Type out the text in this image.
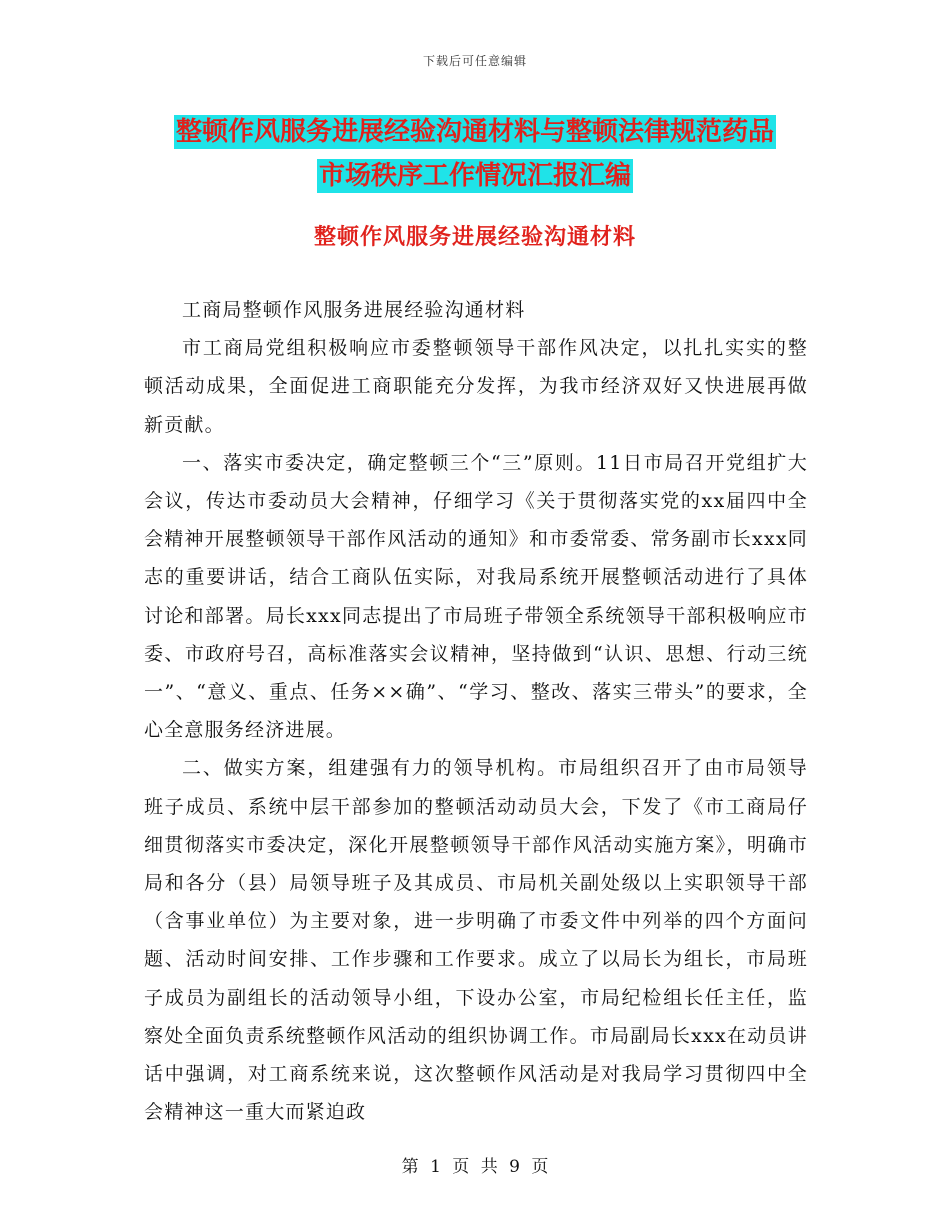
下载后可任意编辑
整顿作风服务进展经验沟通材料与整顿法律规范药品
市场秩序工作情况汇报汇编
整顿作风服务进展经验沟通材料

工商局整顿作风服务进展经验沟通材料

市工商局党组积极响应市委整顿领导干部作风决定，以扎扎实实的整顿活动成果，全面促进工商职能充分发挥，为我市经济双好又快进展再做新贡献。

一、落实市委决定，确定整顿三个“三”原则。11日市局召开党组扩大会议，传达市委动员大会精神，仔细学习《关于贯彻落实党的xx届四中全会精神开展整顿领导干部作风活动的通知》和市委常委、常务副市长xxx同志的重要讲话，结合工商队伍实际，对我局系统开展整顿活动进行了具体讨论和部署。局长xxx同志提出了市局班子带领全系统领导干部积极响应市委、市政府号召，高标准落实会议精神，坚持做到“认识、思想、行动三统一”、“意义、重点、任务××确”、“学习、整改、落实三带头”的要求，全心全意服务经济进展。

二、做实方案，组建强有力的领导机构。市局组织召开了由市局领导班子成员、系统中层干部参加的整顿活动动员大会，下发了《市工商局仔细贯彻落实市委决定，深化开展整顿领导干部作风活动实施方案》，明确市局和各分（县）局领导班子及其成员、市局机关副处级以上实职领导干部（含事业单位）为主要对象，进一步明确了市委文件中列举的四个方面问题、活动时间安排、工作步骤和工作要求。成立了以局长为组长，市局班子成员为副组长的活动领导小组，下设办公室，市局纪检组长任主任，监察处全面负责系统整顿作风活动的组织协调工作。市局副局长xxx在动员讲话中强调，对工商系统来说，这次整顿作风活动是对我局学习贯彻四中全会精神这一重大而紧迫政

第 1 页 共 9 页
